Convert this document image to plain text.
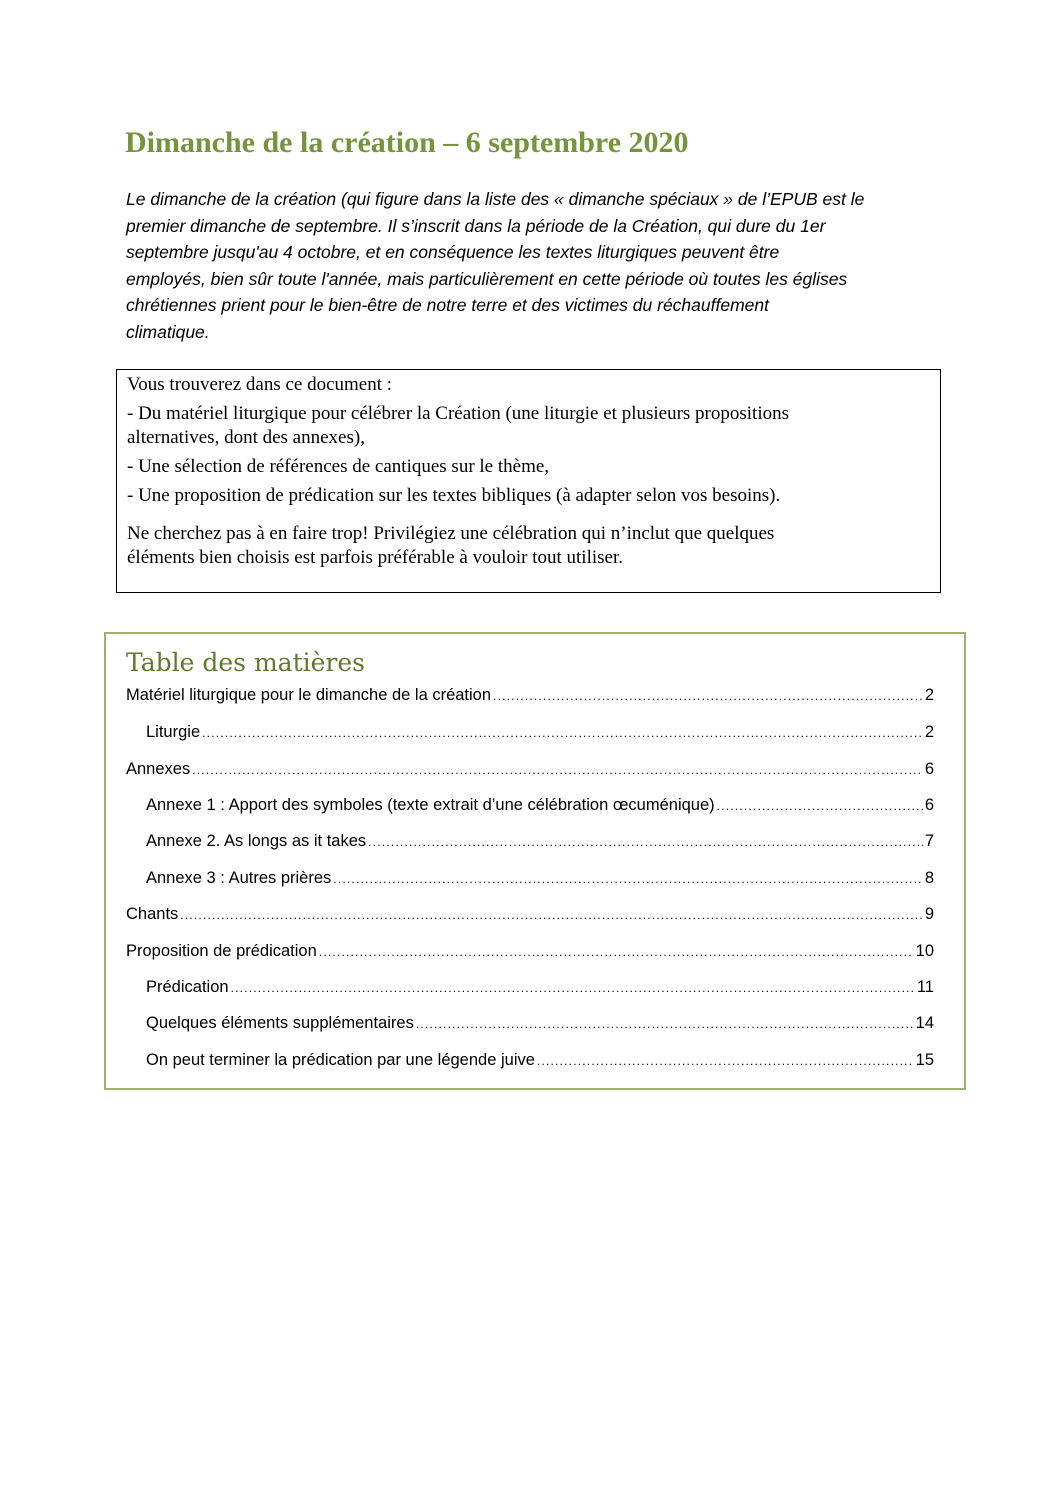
Dimanche de la création – 6 septembre 2020

Le dimanche de la création (qui figure dans la liste des « dimanche spéciaux » de l’EPUB est le
premier dimanche de septembre. Il s’inscrit dans la période de la Création, qui dure du 1er
septembre jusqu'au 4 octobre, et en conséquence les textes liturgiques peuvent être
employés, bien sûr toute l'année, mais particulièrement en cette période où toutes les églises
chrétiennes prient pour le bien-être de notre terre et des victimes du réchauffement
climatique.

Vous trouverez dans ce document :

- Du matériel liturgique pour célébrer la Création (une liturgie et plusieurs propositions
alternatives, dont des annexes),

- Une sélection de références de cantiques sur le thème,

- Une proposition de prédication sur les textes bibliques (à adapter selon vos besoins).

Ne cherchez pas à en faire trop! Privilégiez une célébration qui n’inclut que quelques
éléments bien choisis est parfois préférable à vouloir tout utiliser.

Table des matières
Matériel liturgique pour le dimanche de la création .....	2
Liturgie .....	2
Annexes .....	6
Annexe 1 : Apport des symboles (texte extrait d’une célébration œcuménique) .....	6
Annexe 2. As longs as it takes .....	7
Annexe 3 : Autres prières .....	8
Chants .....	9
Proposition de prédication .....	10
Prédication .....	11
Quelques éléments supplémentaires .....	14
On peut terminer la prédication par une légende juive .....	15
